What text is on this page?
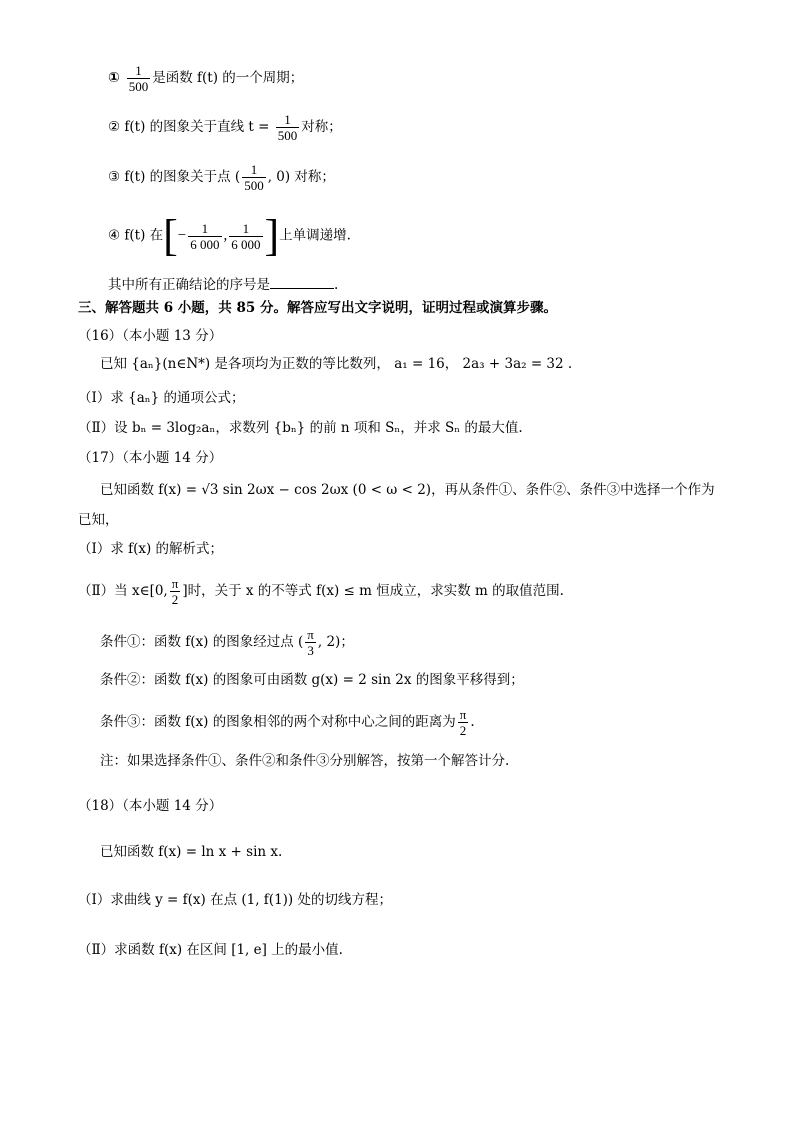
① $\frac{1}{500}$ 是函数 f(t) 的一个周期；
② f(t) 的图象关于直线 $t = \frac{1}{500}$ 对称；
③ f(t) 的图象关于点 ( $\frac{1}{500}$ , 0) 对称；
④ f(t) 在[− $\frac{1}{6 000}$ , $\frac{1}{6 000}$ ]上单调递增.
其中所有正确结论的序号是	.
三、解答题共 6 小题，共 85 分。解答应写出文字说明，证明过程或演算步骤。
（16）（本小题 13 分）
已知 {aₙ}(n∈N*) 是各项均为正数的等比数列， a₁ = 16， 2a₃ + 3a₂ = 32 .
（Ⅰ）求 {aₙ} 的通项公式；
（Ⅱ）设 bₙ = 3log₂aₙ，求数列 {bₙ} 的前 n 项和 Sₙ，并求 Sₙ 的最大值.
（17）（本小题 14 分）
已知函数 f(x) = √3 sin 2ωx − cos 2ωx (0 < ω < 2)，再从条件①、条件②、条件③中选择一个作为
已知，
（Ⅰ）求 f(x) 的解析式；
（Ⅱ）当 x∈[0, $\frac{\pi}{2}$ ]时，关于 x 的不等式 f(x) ≤ m 恒成立，求实数 m 的取值范围.
条件①：函数 f(x) 的图象经过点 ( $\frac{\pi}{3}$ , 2)；
条件②：函数 f(x) 的图象可由函数 g(x) = 2 sin 2x 的图象平移得到；
条件③：函数 f(x) 的图象相邻的两个对称中心之间的距离为 $\frac{\pi}{2}$ .
注：如果选择条件①、条件②和条件③分别解答，按第一个解答计分.
（18）（本小题 14 分）
已知函数 f(x) = ln x + sin x.
（Ⅰ）求曲线 y = f(x) 在点 (1, f(1)) 处的切线方程；
（Ⅱ）求函数 f(x) 在区间 [1, e] 上的最小值.
